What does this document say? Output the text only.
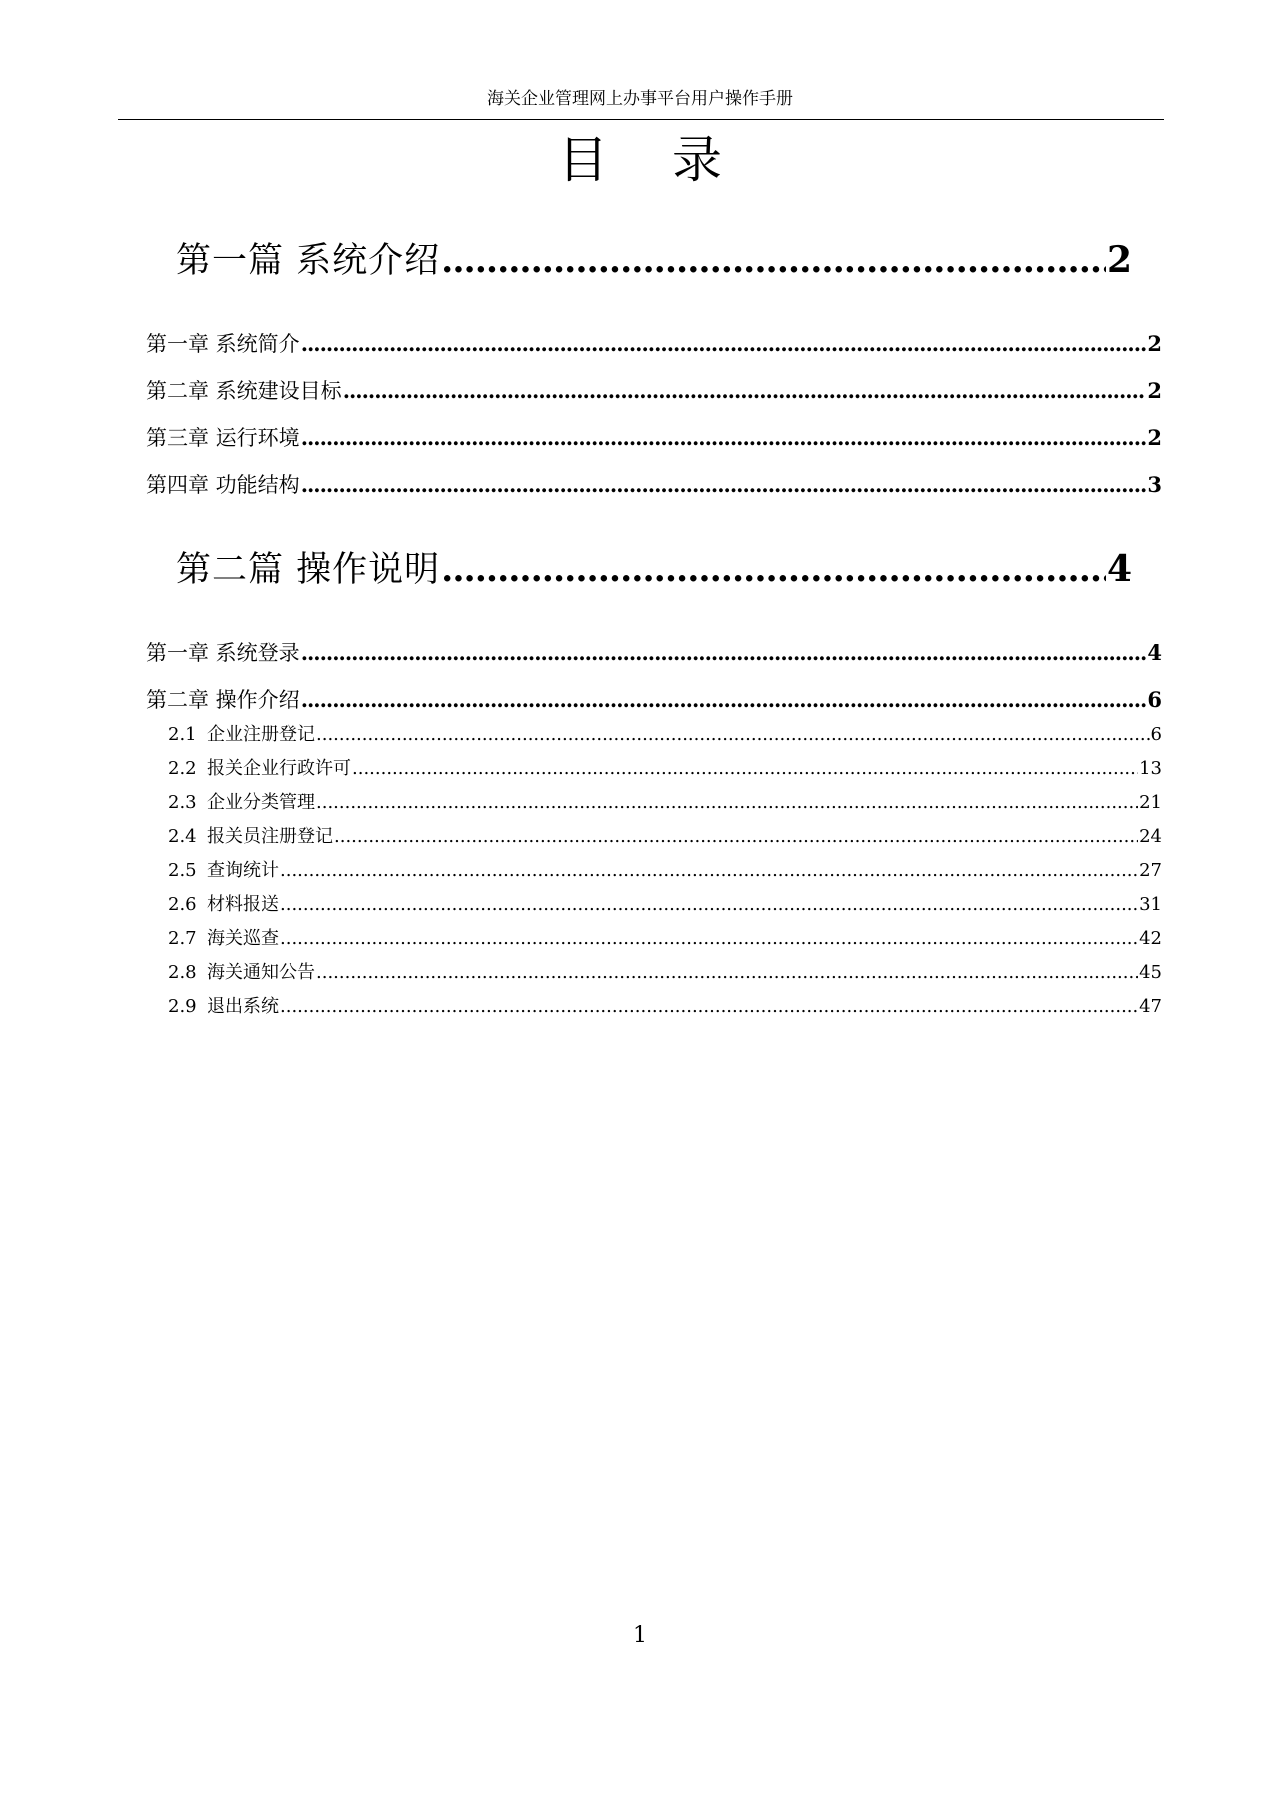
海关企业管理网上办事平台用户操作手册
目录
第一篇 系统介绍 .....	2
第一章 系统简介 .....	2
第二章 系统建设目标 .....	2
第三章 运行环境 .....	2
第四章 功能结构 .....	3
第二篇 操作说明 .....	4
第一章 系统登录 .....	4
第二章 操作介绍 .....	6
2.1 企业注册登记 .....	6
2.2 报关企业行政许可 .....	13
2.3 企业分类管理 .....	21
2.4 报关员注册登记 .....	24
2.5 查询统计 .....	27
2.6 材料报送 .....	31
2.7 海关巡查 .....	42
2.8 海关通知公告 .....	45
2.9 退出系统 .....	47
1
